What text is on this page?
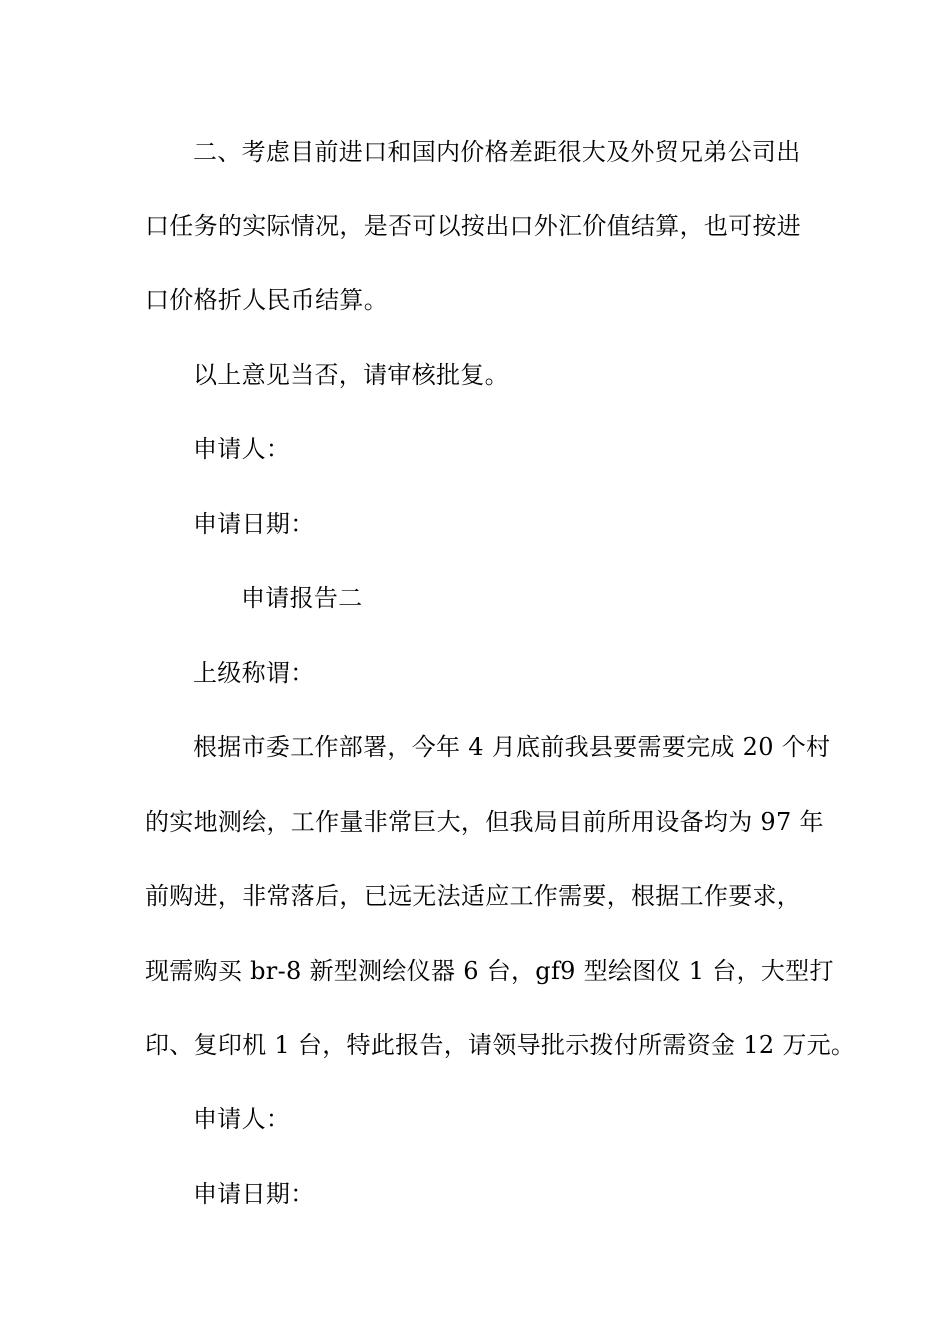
二、考虑目前进口和国内价格差距很大及外贸兄弟公司出
口任务的实际情况，是否可以按出口外汇价值结算，也可按进
口价格折人民币结算。
以上意见当否，请审核批复。
申请人：
申请日期：
申请报告二
上级称谓：
根据市委工作部署，今年 4 月底前我县要需要完成 20 个村
的实地测绘，工作量非常巨大，但我局目前所用设备均为 97 年
前购进，非常落后，已远无法适应工作需要，根据工作要求，
现需购买 br-8 新型测绘仪器 6 台，gf9 型绘图仪 1 台，大型打
印、复印机 1 台，特此报告，请领导批示拨付所需资金 12 万元。
申请人：
申请日期：
